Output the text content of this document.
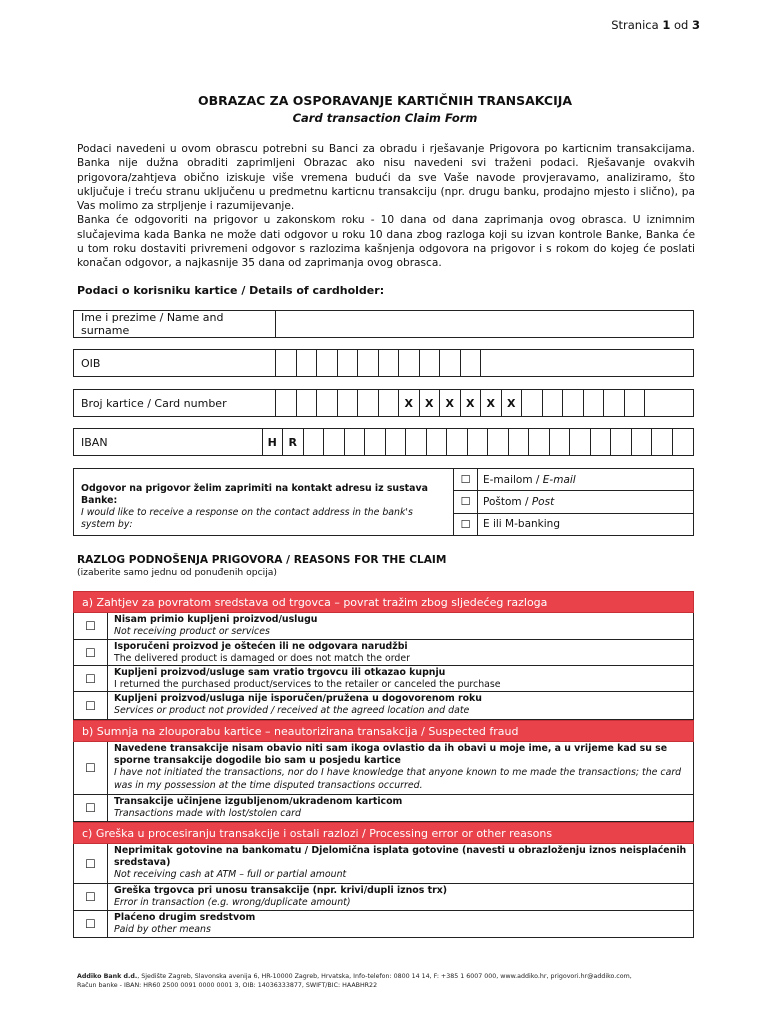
Stranica 1 od 3
OBRAZAC ZA OSPORAVANJE KARTIČNIH TRANSAKCIJA
Card transaction Claim Form

Podaci navedeni u ovom obrascu potrebni su Banci za obradu i rješavanje Prigovora po karticnim transakcijama. Banka nije dužna obraditi zaprimljeni Obrazac ako nisu navedeni svi traženi podaci. Rješavanje ovakvih prigovora/zahtjeva obično iziskuje više vremena budući da sve Vaše navode provjeravamo, analiziramo, što uključuje i treću stranu uključenu u predmetnu karticnu transakciju (npr. drugu banku, prodajno mjesto i slično), pa Vas molimo za strpljenje i razumijevanje.

Banka će odgovoriti na prigovor u zakonskom roku - 10 dana od dana zaprimanja ovog obrasca. U iznimnim slučajevima kada Banka ne može dati odgovor u roku 10 dana zbog razloga koji su izvan kontrole Banke, Banka će u tom roku dostaviti privremeni odgovor s razlozima kašnjenja odgovora na prigovor i s rokom do kojeg će poslati konačan odgovor, a najkasnije 35 dana od zaprimanja ovog obrasca.

Podaci o korisniku kartice / Details of cardholder:
Ime i prezime / Name and surname
OIB
Broj kartice / Card number	X	X	X	X	X	X
IBAN	H	R
Odgovor na prigovor želim zaprimiti na kontakt adresu iz sustava Banke:
I would like to receive a response on the contact address in the bank's system by:
☐	E-mailom / E-mail
☐	Poštom / Post
☐	E ili M-banking
RAZLOG PODNOŠENJA PRIGOVORA / REASONS FOR THE CLAIM
(izaberite samo jednu od ponuđenih opcija)
a) Zahtjev za povratom sredstava od trgovca – povrat tražim zbog sljedećeg razloga
☐	Nisam primio kupljeni proizvod/uslugu
Not receiving product or services
☐	Isporučeni proizvod je oštećen ili ne odgovara narudžbi
The delivered product is damaged or does not match the order
☐	Kupljeni proizvod/usluge sam vratio trgovcu ili otkazao kupnju
I returned the purchased product/services to the retailer or canceled the purchase
☐	Kupljeni proizvod/usluga nije isporučen/pružena u dogovorenom roku
Services or product not provided / received at the agreed location and date
b) Sumnja na zlouporabu kartice – neautorizirana transakcija / Suspected fraud
☐
Navedene transakcije nisam obavio niti sam ikoga ovlastio da ih obavi u moje ime, a u vrijeme kad su se sporne transakcije dogodile bio sam u posjedu kartice
I have not initiated the transactions, nor do I have knowledge that anyone known to me made the transactions; the card was in my possession at the time disputed transactions occurred.
☐	Transakcije učinjene izgubljenom/ukradenom karticom
Transactions made with lost/stolen card
c) Greška u procesiranju transakcije i ostali razlozi / Processing error or other reasons
☐
Neprimitak gotovine na bankomatu / Djelomična isplata gotovine (navesti u obrazloženju iznos neisplaćenih sredstava)
Not receiving cash at ATM – full or partial amount
☐	Greška trgovca pri unosu transakcije (npr. krivi/dupli iznos trx)
Error in transaction (e.g. wrong/duplicate amount)
☐	Plaćeno drugim sredstvom
Paid by other means
Addiko Bank d.d., Sjedište Zagreb, Slavonska avenija 6, HR-10000 Zagreb, Hrvatska, Info-telefon: 0800 14 14, F: +385 1 6007 000, www.addiko.hr, prigovori.hr@addiko.com,
Račun banke - IBAN: HR60 2500 0091 0000 0001 3, OIB: 14036333877, SWIFT/BIC: HAABHR22
